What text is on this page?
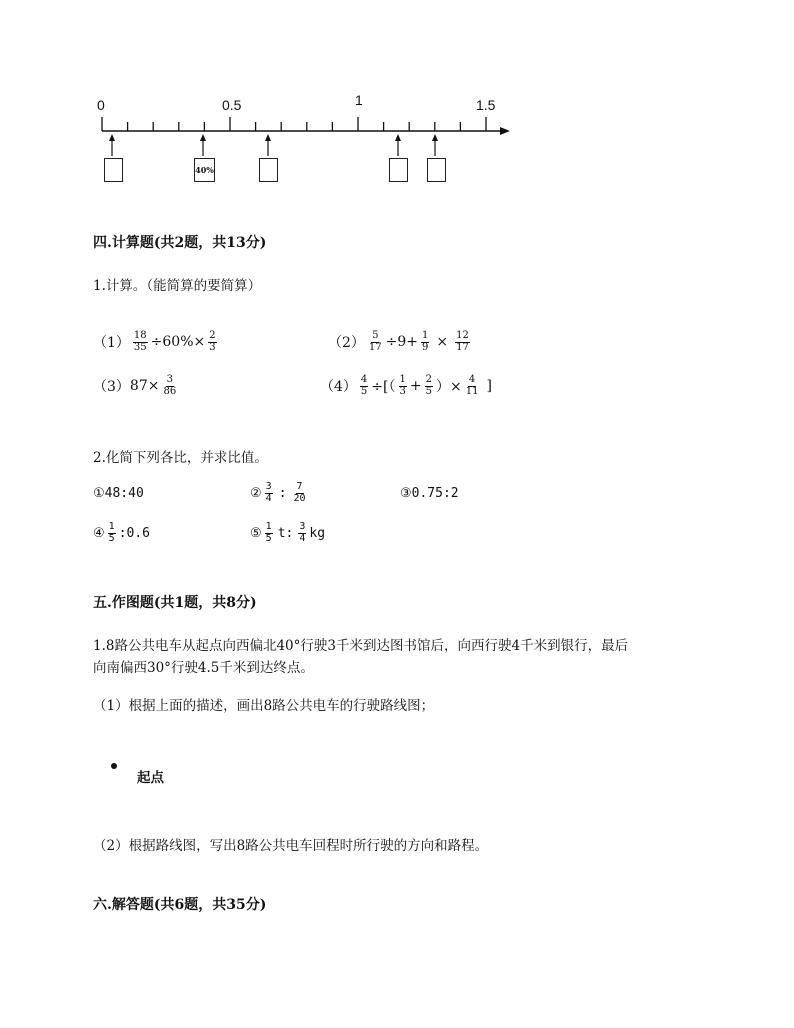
0	0.5	1	1.5
40%
四.计算题(共2题，共13分)
1.计算。（能简算的要简算）
$(1) \frac{18}{35} \div 60\%\times \frac{2}{3}$	$(2) \frac{5}{17} \div 9+ \frac{1}{9} \times \frac{12}{17}$
（3） $87\times \frac{3}{86}$	$(4) \frac{4}{5}$ ÷[（ $\frac{1}{3} + \frac{2}{5}$ ）× $\frac{4}{11}$ ]
2.化简下列各比，并求比值。
①48:40	② $\frac{3}{4}$ : $\frac{7}{20}$	③0.75:2
④ $\frac{1}{5}$ :0.6	⑤ $\frac{1}{5} t$: $\frac{3}{4}$ kg
五.作图题(共1题，共8分)
1.8路公共电车从起点向西偏北40°行驶3千米到达图书馆后，向西行驶4千米到银行，最后
向南偏西30°行驶4.5千米到达终点。
（1）根据上面的描述，画出8路公共电车的行驶路线图；
起点
（2）根据路线图，写出8路公共电车回程时所行驶的方向和路程。
六.解答题(共6题，共35分)
